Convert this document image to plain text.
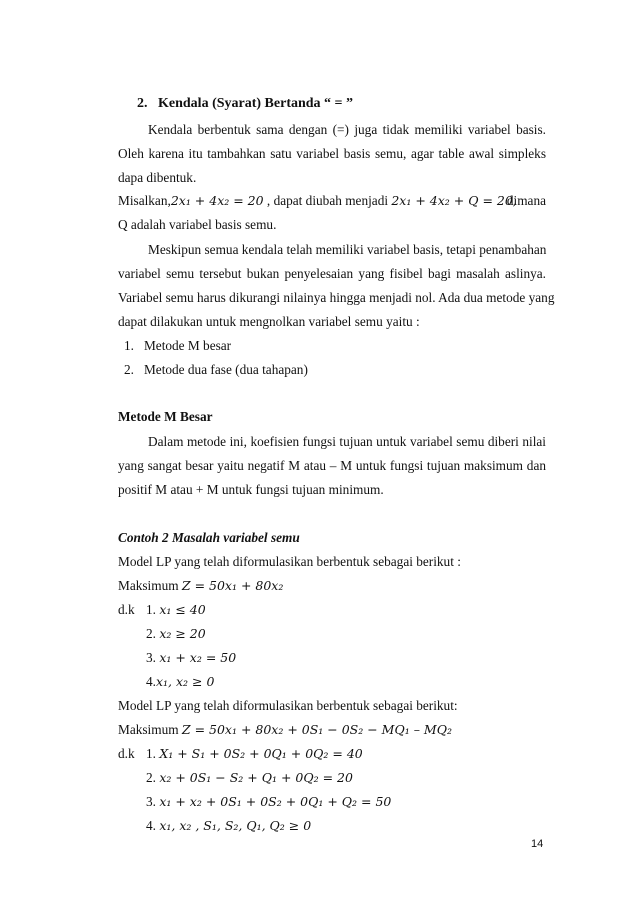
2. Kendala (Syarat) Bertanda “ = ”
Kendala berbentuk sama dengan (=) juga tidak memiliki variabel basis.
Oleh karena itu tambahkan satu variabel basis semu, agar table awal simpleks
dapa dibentuk.
Misalkan,2x₁ + 4x₂ = 20 , dapat diubah menjadi 2x₁ + 4x₂ + Q = 20,
dimana
Q adalah variabel basis semu.
Meskipun semua kendala telah memiliki variabel basis, tetapi penambahan
variabel semu tersebut bukan penyelesaian yang fisibel bagi masalah aslinya.
Variabel semu harus dikurangi nilainya hingga menjadi nol. Ada dua metode yang
dapat dilakukan untuk mengnolkan variabel semu yaitu :
1. Metode M besar
2. Metode dua fase (dua tahapan)
Metode M Besar
Dalam metode ini, koefisien fungsi tujuan untuk variabel semu diberi nilai
yang sangat besar yaitu negatif M atau – M untuk fungsi tujuan maksimum dan
positif M atau + M untuk fungsi tujuan minimum.
Contoh 2 Masalah variabel semu
Model LP yang telah diformulasikan berbentuk sebagai berikut :
Maksimum Z = 50x₁ + 80x₂
d.k 1. x₁ ≤ 40
2. x₂ ≥ 20
3. x₁ + x₂ = 50
4.x₁, x₂ ≥ 0
Model LP yang telah diformulasikan berbentuk sebagai berikut:
Maksimum Z = 50x₁ + 80x₂ + 0S₁ − 0S₂ − MQ₁ – MQ₂
d.k 1. X₁ + S₁ + 0S₂ + 0Q₁ + 0Q₂ = 40
2. x₂ + 0S₁ − S₂ + Q₁ + 0Q₂ = 20
3. x₁ + x₂ + 0S₁ + 0S₂ + 0Q₁ + Q₂ = 50
4. x₁, x₂ , S₁, S₂, Q₁, Q₂ ≥ 0
14
